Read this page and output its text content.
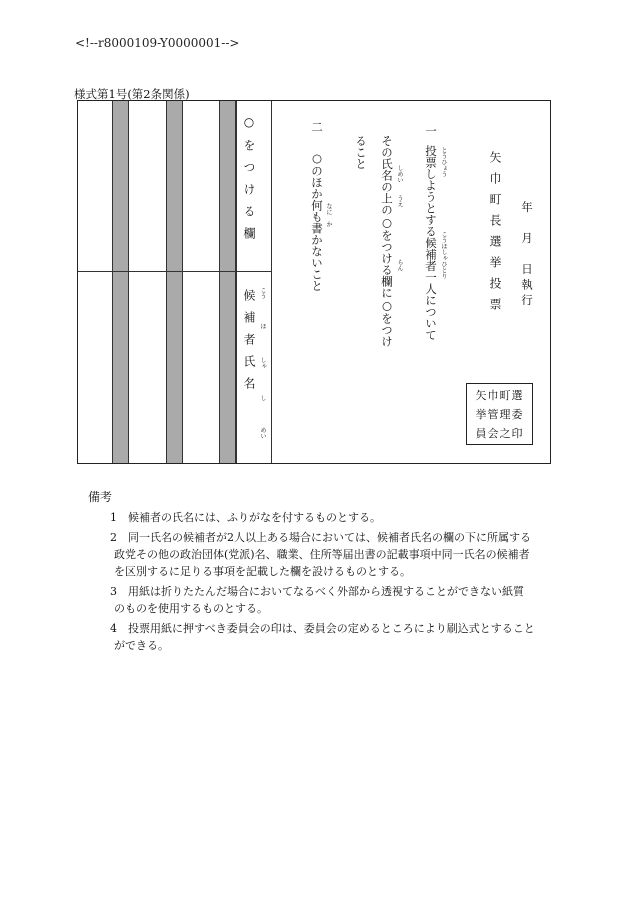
<!--r8000109-Y0000001-->
様式第1号(第2条関係)
○をつける欄
候補者氏名 こう
ほ
しゃ
し
めい
二
○のほか何も書かないこと なに
か
ること その氏名の上の○をつける欄に○をつけ しめい
うえ
らん
一
投票しようとする候補者一人について とうひょう
こうほしゃひとり	矢巾町長選挙投票 年　月　日執行
矢巾町選
挙管理委
員会之印
備考
1　 候補者の氏名には、ふりがなを付するものとする。
2　 同一氏名の候補者が2人以上ある場合においては、候補者氏名の欄の下に所属する
政党その他の政治団体(党派)名、職業、住所等届出書の記載事項中同一氏名の候補者
を区別するに足りる事項を記載した欄を設けるものとする。
3　 用紙は折りたたんだ場合においてなるべく外部から透視することができない紙質
のものを使用するものとする。
4　 投票用紙に押すべき委員会の印は、委員会の定めるところにより刷込式とすること
ができる。
